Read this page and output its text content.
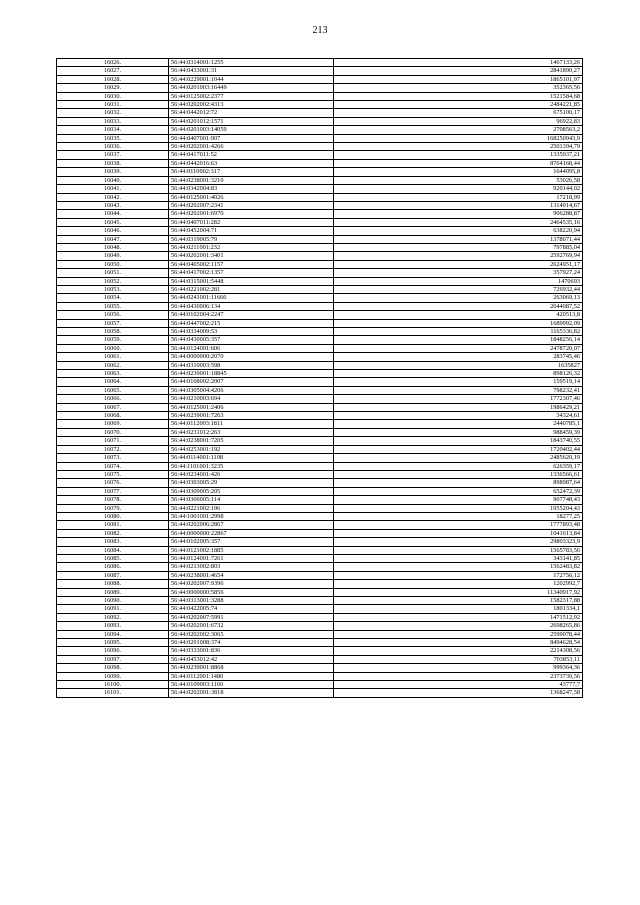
213
16026.	56:44:0314001:1255	1467133,26
16027.	56:44:0433001:31	2841890,27
16028.	56:44:0229001:1044	1865101,97
16029.	56:44:0201003:16449	352365,56
16030.	56:44:0125002:2377	1521584,68
16031.	56:44:0202002:4313	2484221,85
16032.	56:44:0442012:72	675100,17
16033.	56:44:0201012:1571	96922,83
16034.	56:44:0201003:14059	2708563,2
16035.	56:44:0407001:907	168250943,9
16036.	56:44:0202001:4266	2501394,79
16037.	56:44:0417011:52	1335937,21
16038.	56:44:0442016:63	8764168,44
16039.	56:44:0110002:317	1644095,8
16040.	56:44:0238001:3210	53026,58
16041.	56:44:0342004:83	920144,02
16042.	56:44:0125001:4026	17218,99
16043.	56:44:0202007:2341	1314914,67
16044.	56:44:0202001:6970	906288,87
16045.	56:44:0407011:282	2464535,16
16046.	56:44:0452004:71	638220,94
16047.	56:44:0319005:79	1378071,44
16048.	56:44:0211001:232	797885,04
16049.	56:44:0202001:3401	2592769,94
16050.	56:44:0405002:1157	2624951,17
16051.	56:44:0417002:1357	357927,24
16052.	56:44:0315001:5448	1470693
16053.	56:44:0221002:281	726932,44
16054.	56:44:0241001:11666	263069,13
16055.	56:44:0430006:134	2644087,52
16056.	56:44:0102004:2247	420513,8
16057.	56:44:0447002:215	1689992,09
16058.	56:44:0334009:53	1165336,82
16059.	56:44:0430005:357	1848256,14
16060.	56:44:0124001:606	2478720,07
16061.	56:44:0000000:2070	283745,46
16062.	56:44:0310003:598	1635827
16063.	56:44:0239001:18845	898126,32
16064.	56:44:0108002:2007	159519,14
16065.	56:44:0305004:4206	798232,41
16066.	56:44:0210003:694	1772307,46
16067.	56:44:0125001:2406	1986429,21
16068.	56:44:0239001:7263	34324,61
16069.	56:44:0112003:1811	2440785,1
16070.	56:44:0231012:263	988459,39
16071.	56:44:0238001:7205	1843740,55
16072.	56:44:0253001:192	1720402,44
16073.	56:44:0114001:1108	2485620,19
16074.	56:44:1101001:3235	626359,17
16075.	56:44:0234001:426	1336566,61
16076.	56:44:0303005:29	898987,64
16077.	56:44:0309005:205	652472,39
16078.	56:44:0306005:114	907748,43
16079.	56:44:0221002:196	1955204,43
16080.	56:44:1001001:2998	18277,25
16081.	56:44:0202006:2867	1777893,48
16082.	56:44:0000000:22867	1041613,84
16083.	56:44:0102005:357	29803323,9
16084.	56:44:0121002:1885	1565783,56
16085.	56:44:0124001:7261	343141,85
16086.	56:44:0213002:803	1562483,82
16087.	56:44:0238001:4654	172756,12
16088.	56:44:0202007:9396	1202992,7
16089.	56:44:0000000:5856	11340917,92
16090.	56:44:0313001:3288	1582317,88
16091.	56:44:0422005:74	1801334,1
16092.	56:44:0202007:5991	1471512,92
16093.	56:44:0202001:6732	2698265,86
16094.	56:44:0202002:3065	2599078,44
16095.	56:44:0201008:374	8494628,54
16096.	56:44:0333001:836	2214308,56
16097.	56:44:0453012:42	703853,11
16098.	56:44:0239001:8868	999364,36
16099.	56:44:0112001:1480	2373739,56
16100.	56:44:0109003:1160	43777,7
16101.	56:44:0202001:3818	1368247,58
